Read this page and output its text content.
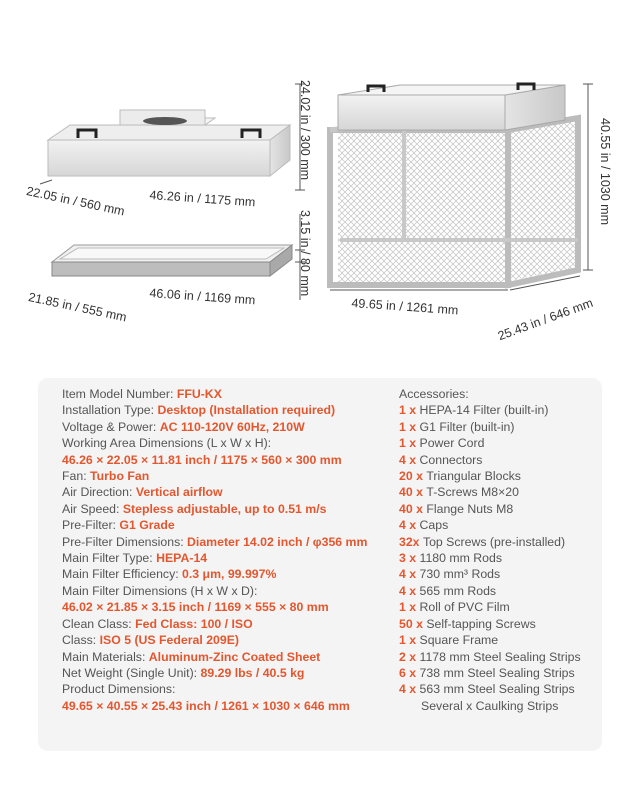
22.05 in / 560 mm 46.26 in / 1175 mm
24.02 in / 300 mm
21.85 in / 555 mm 46.06 in / 1169 mm
3.15 in / 80 mm
40.55 in / 1030 mm
49.65 in / 1261 mm	25.43 in / 646 mm
Item Model Number: FFU-KX
Installation Type: Desktop (Installation required)
Voltage & Power: AC 110-120V 60Hz, 210W
Working Area Dimensions (L x W x H):
46.26 × 22.05 × 11.81 inch / 1175 × 560 × 300 mm
Fan: Turbo Fan
Air Direction: Vertical airflow
Air Speed: Stepless adjustable, up to 0.51 m/s
Pre-Filter: G1 Grade
Pre-Filter Dimensions: Diameter 14.02 inch / φ356 mm
Main Filter Type: HEPA-14
Main Filter Efficiency: 0.3 μm, 99.997%
Main Filter Dimensions (H x W x D):
46.02 × 21.85 × 3.15 inch / 1169 × 555 × 80 mm
Clean Class: Fed Class: 100 / ISO
Class: ISO 5 (US Federal 209E)
Main Materials: Aluminum-Zinc Coated Sheet
Net Weight (Single Unit): 89.29 lbs / 40.5 kg
Product Dimensions:
49.65 × 40.55 × 25.43 inch / 1261 × 1030 × 646 mm
Accessories:
1 x HEPA-14 Filter (built-in)
1 x G1 Filter (built-in)
1 x Power Cord
4 x Connectors
20 x Triangular Blocks
40 x T-Screws M8×20
40 x Flange Nuts M8
4 x Caps
32x Top Screws (pre-installed)
3 x 1180 mm Rods
4 x 730 mm³ Rods
4 x 565 mm Rods
1 x Roll of PVC Film
50 x Self-tapping Screws
1 x Square Frame
2 x 1178 mm Steel Sealing Strips
6 x 738 mm Steel Sealing Strips
4 x 563 mm Steel Sealing Strips
Several x Caulking Strips
